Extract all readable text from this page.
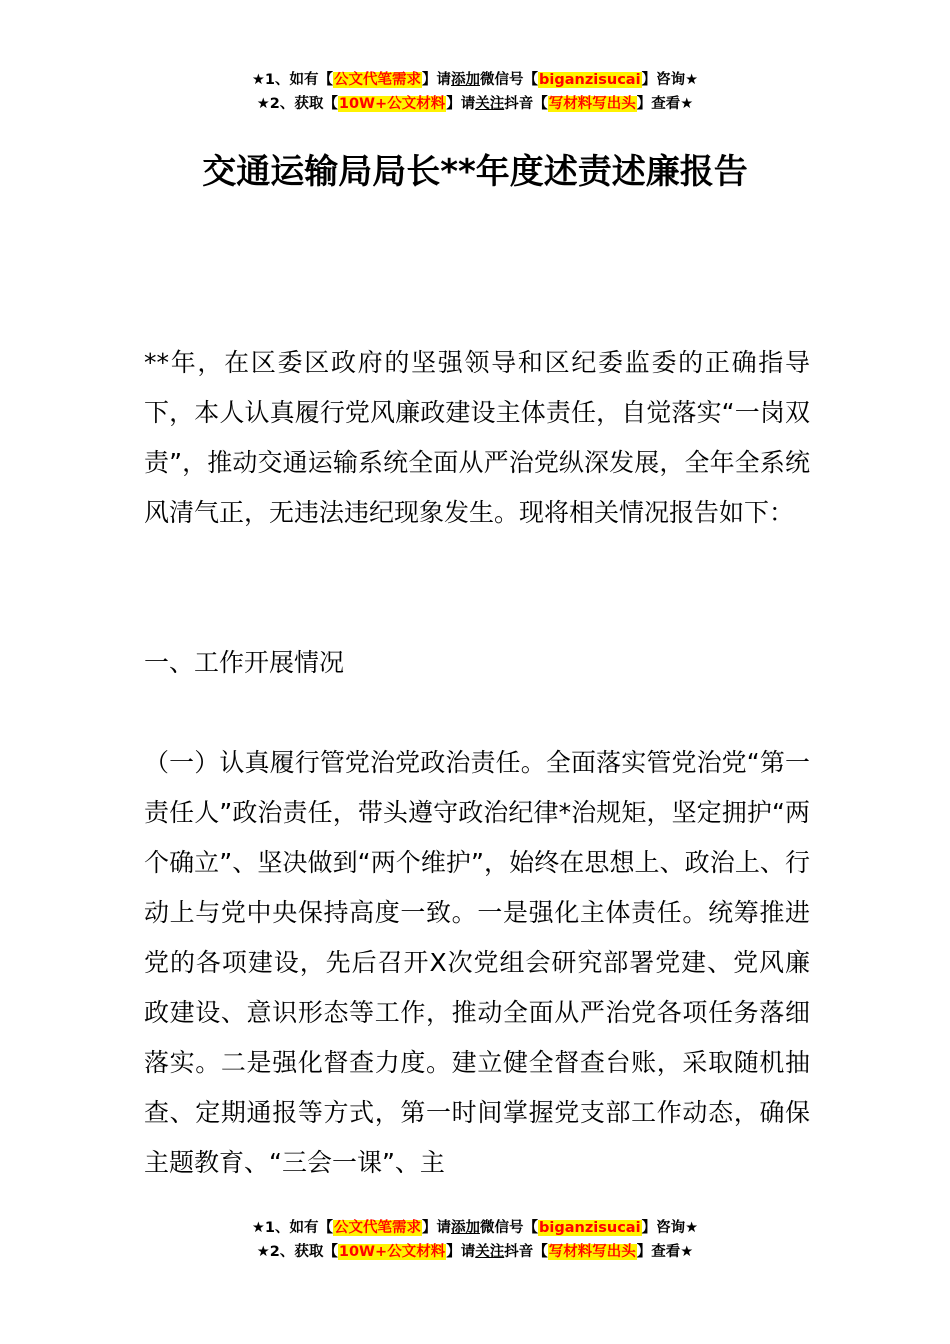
★1、如有【公文代笔需求】请添加微信号【biganzisucai】咨询★
★2、获取【10W+公文材料】请关注抖音【写材料写出头】查看★
交通运输局局长**年度述责述廉报告

**年，在区委区政府的坚强领导和区纪委监委的正确指导下，本人认真履行党风廉政建设主体责任，自觉落实“一岗双责”，推动交通运输系统全面从严治党纵深发展，全年全系统风清气正，无违法违纪现象发生。现将相关情况报告如下：

一、工作开展情况

（一）认真履行管党治党政治责任。全面落实管党治党“第一责任人”政治责任，带头遵守政治纪律*治规矩，坚定拥护“两个确立”、坚决做到“两个维护”，始终在思想上、政治上、行动上与党中央保持高度一致。一是强化主体责任。统筹推进党的各项建设，先后召开X次党组会研究部署党建、党风廉政建设、意识形态等工作，推动全面从严治党各项任务落细落实。二是强化督查力度。建立健全督查台账，采取随机抽查、定期通报等方式，第一时间掌握党支部工作动态，确保主题教育、“三会一课”、主

★1、如有【公文代笔需求】请添加微信号【biganzisucai】咨询★
★2、获取【10W+公文材料】请关注抖音【写材料写出头】查看★
